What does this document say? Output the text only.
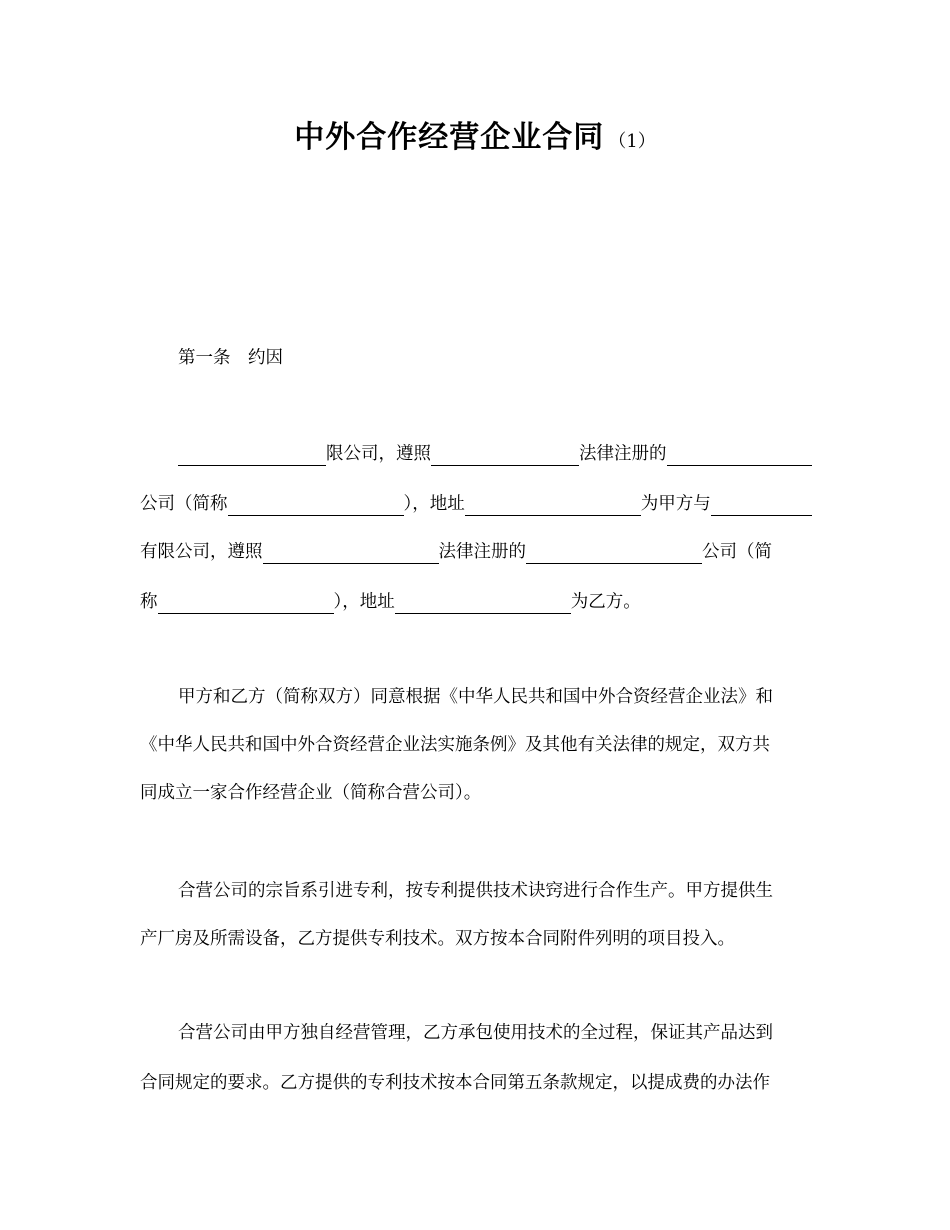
中外合作经营企业合同 （1）
第一条　约因
限公司，遵照	法律注册的
公司（简称	），地址	为甲方与
有限公司，遵照	法律注册的	公司（简
称	），地址	为乙方。
甲方和乙方（简称双方）同意根据《中华人民共和国中外合资经营企业法》和
《中华人民共和国中外合资经营企业法实施条例》及其他有关法律的规定，双方共
同成立一家合作经营企业（简称合营公司）。
合营公司的宗旨系引进专利，按专利提供技术诀窍进行合作生产。甲方提供生
产厂房及所需设备，乙方提供专利技术。双方按本合同附件列明的项目投入。
合营公司由甲方独自经营管理，乙方承包使用技术的全过程，保证其产品达到
合同规定的要求。乙方提供的专利技术按本合同第五条款规定，以提成费的办法作
